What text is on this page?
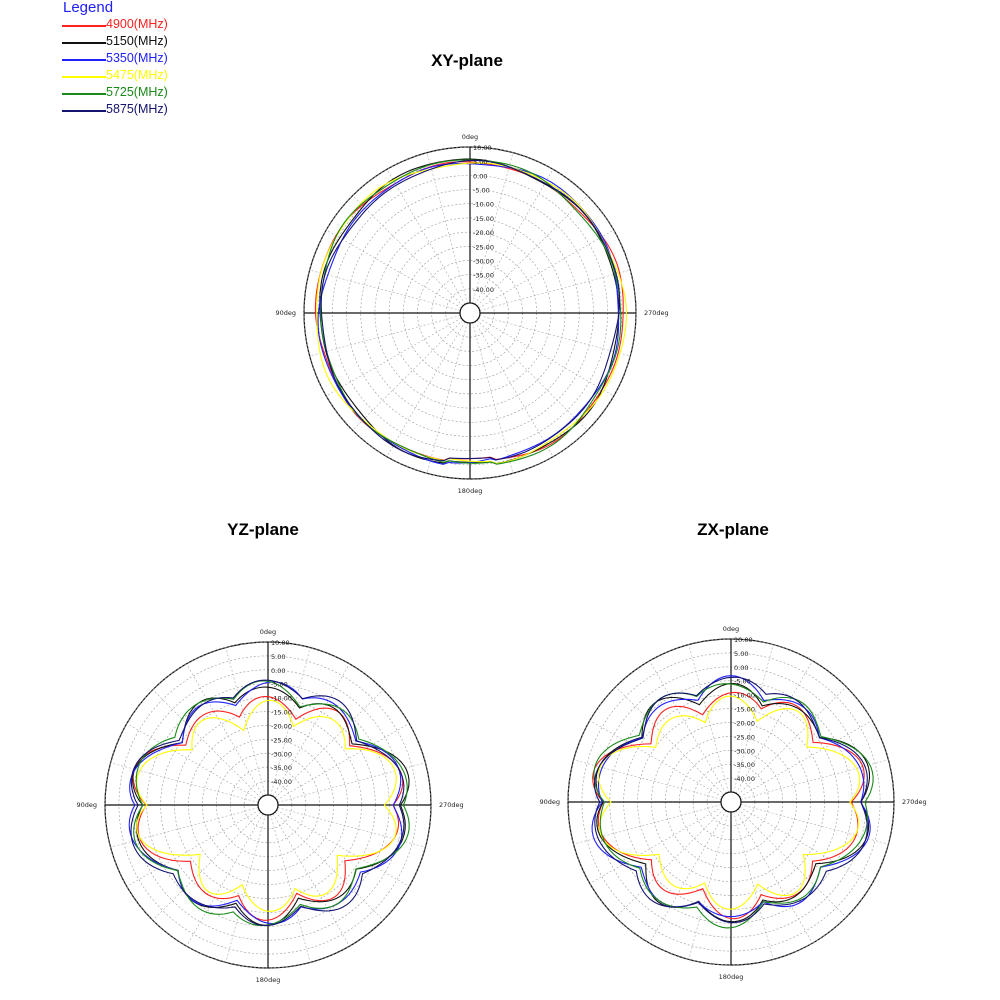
Legend
4900(MHz)
5150(MHz)
5350(MHz)
5475(MHz)
5725(MHz)
5875(MHz)
XY-plane
YZ-plane	ZX-plane
10.00
5.00
0.00
-5.00
-10.00
-15.00
-20.00
-25.00
-30.00
-35.00
-40.00
0deg
90deg
180deg
270deg
10.00
5.00
0.00
-5.00
-10.00
-15.00
-20.00
-25.00
-30.00
-35.00
-40.00
0deg
90deg
180deg
270deg
10.00
5.00
0.00
-5.00
-10.00
-15.00
-20.00
-25.00
-30.00
-35.00
-40.00
0deg
90deg
180deg
270deg
